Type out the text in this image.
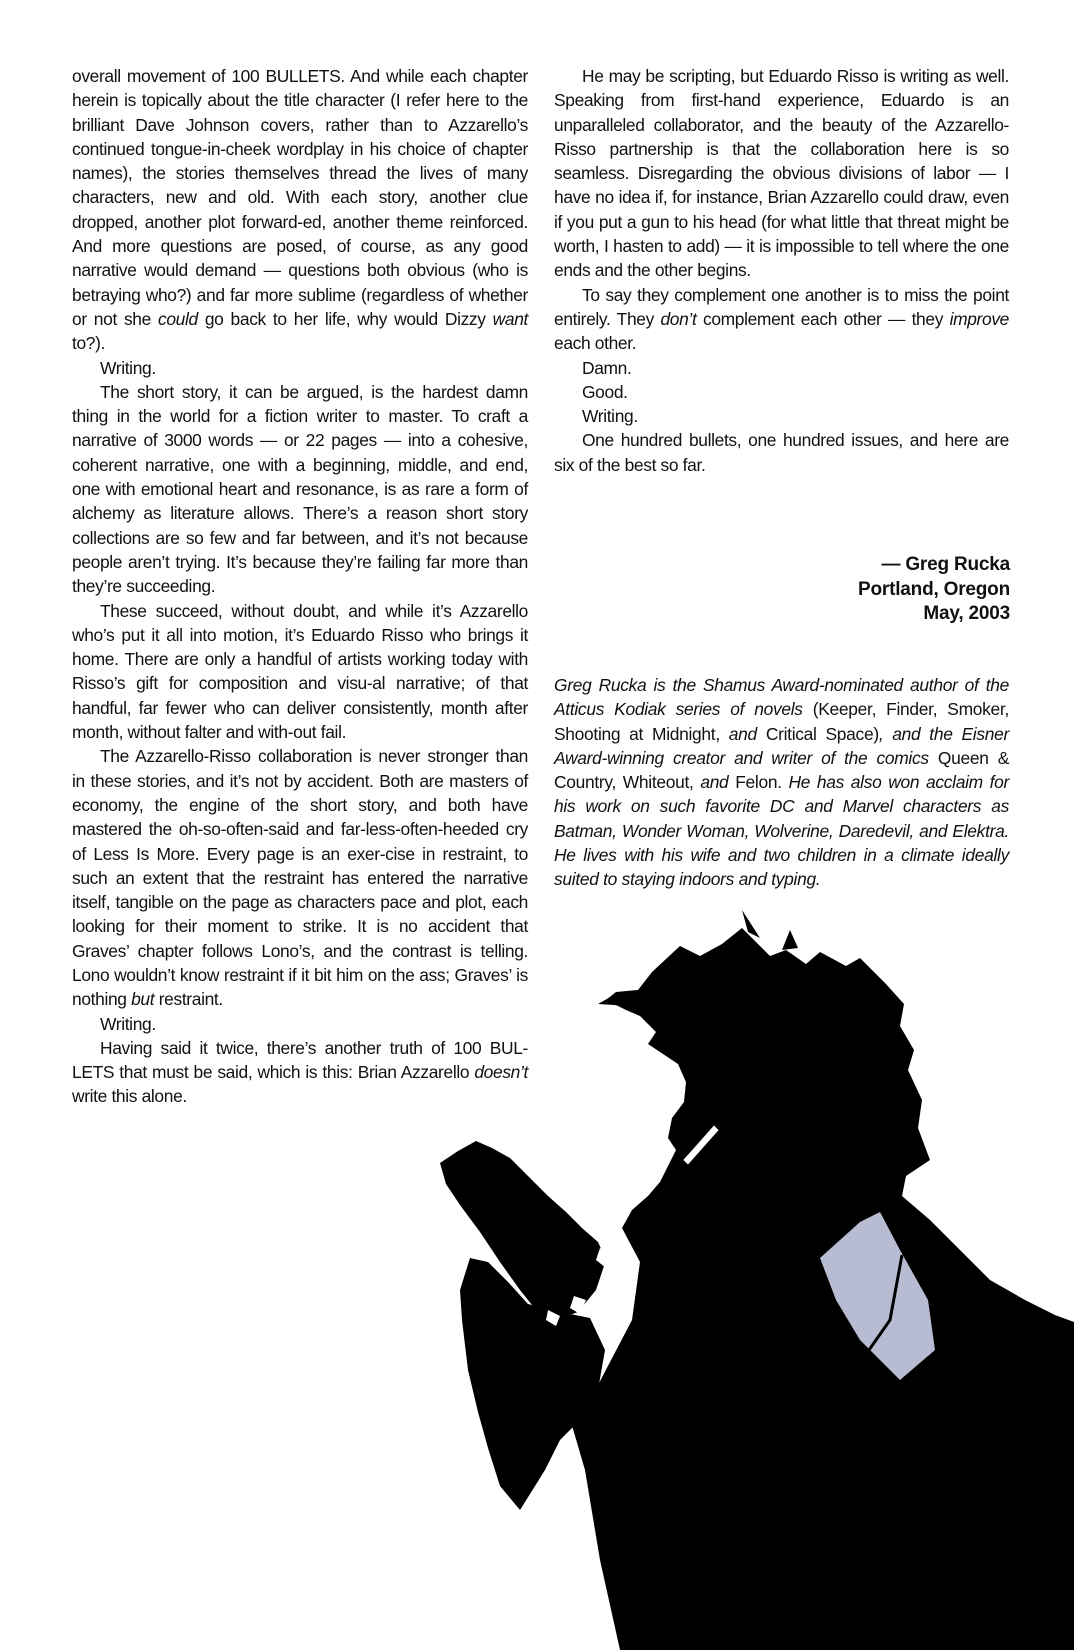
overall movement of 100 BULLETS. And while each chapter herein is topically about the title character (I refer here to the brilliant Dave Johnson covers, rather than to Azzarello’s continued tongue-in-cheek wordplay in his choice of chapter names), the stories themselves thread the lives of many characters, new and old. With each story, another clue dropped, another plot forward-ed, another theme reinforced. And more questions are posed, of course, as any good narrative would demand — questions both obvious (who is betraying who?) and far more sublime (regardless of whether or not she could go back to her life, why would Dizzy want to?).

Writing.

The short story, it can be argued, is the hardest damn thing in the world for a fiction writer to master. To craft a narrative of 3000 words — or 22 pages — into a cohesive, coherent narrative, one with a beginning, middle, and end, one with emotional heart and resonance, is as rare a form of alchemy as literature allows. There’s a reason short story collections are so few and far between, and it’s not because people aren’t trying. It’s because they’re failing far more than they’re succeeding.

These succeed, without doubt, and while it’s Azzarello who’s put it all into motion, it’s Eduardo Risso who brings it home. There are only a handful of artists working today with Risso’s gift for composition and visu-al narrative; of that handful, far fewer who can deliver consistently, month after month, without falter and with-out fail.

The Azzarello-Risso collaboration is never stronger than in these stories, and it’s not by accident. Both are masters of economy, the engine of the short story, and both have mastered the oh-so-often-said and far-less-often-heeded cry of Less Is More. Every page is an exer-cise in restraint, to such an extent that the restraint has entered the narrative itself, tangible on the page as characters pace and plot, each looking for their moment to strike. It is no accident that Graves’ chapter follows Lono’s, and the contrast is telling. Lono wouldn’t know restraint if it bit him on the ass; Graves’ is nothing but restraint.

Writing.

Having said it twice, there’s another truth of 100 BUL-LETS that must be said, which is this: Brian Azzarello doesn’t write this alone.

He may be scripting, but Eduardo Risso is writing as well. Speaking from first-hand experience, Eduardo is an unparalleled collaborator, and the beauty of the Azzarello-Risso partnership is that the collaboration here is so seamless. Disregarding the obvious divisions of labor — I have no idea if, for instance, Brian Azzarello could draw, even if you put a gun to his head (for what little that threat might be worth, I hasten to add) — it is impossible to tell where the one ends and the other begins.

To say they complement one another is to miss the point entirely. They don’t complement each other — they improve each other.

Damn.

Good.

Writing.

One hundred bullets, one hundred issues, and here are six of the best so far.

— Greg Rucka
Portland, Oregon
May, 2003
Greg Rucka is the Shamus Award-nominated author of the Atticus Kodiak series of novels (Keeper, Finder, Smoker, Shooting at Midnight, and Critical Space), and the Eisner Award-winning creator and writer of the comics Queen & Country, Whiteout, and Felon. He has also won acclaim for his work on such favorite DC and Marvel characters as Batman, Wonder Woman, Wolverine, Daredevil, and Elektra. He lives with his wife and two children in a climate ideally suited to staying indoors and typing.
